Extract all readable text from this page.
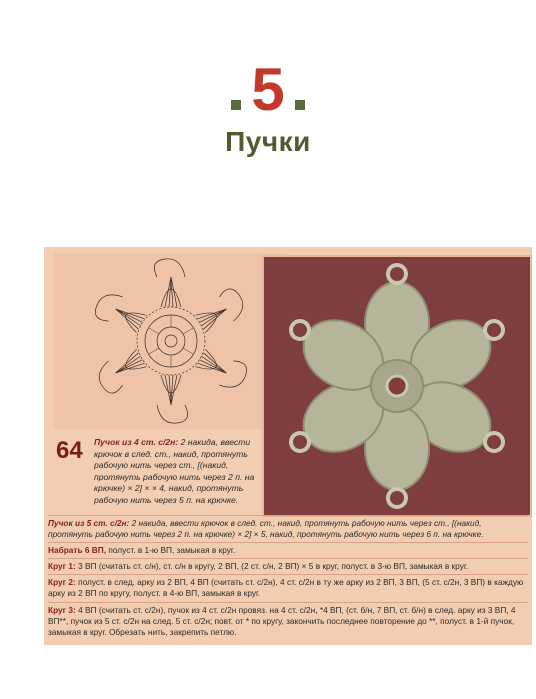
5
Пучки
64 Пучок из 4 ст. с/2н: 2 накида, ввести крючок в след. ст., накид, протянуть рабочую нить через ст., [(накид, протянуть рабочую нить через 2 п. на крючке) × 2] × × 4, накид, протянуть рабочую нить через 5 п. на крючке.
Пучок из 5 ст. с/2н: 2 накида, ввести крючок в след. ст., накид, протянуть рабочую нить через ст., [(накид, протянуть рабочую нить через 2 п. на крючке) × 2] × 5, накид, протянуть рабочую нить через 6 п. на крючке.
Набрать 6 ВП, полуст. в 1-ю ВП, замыкая в круг.
Круг 1: 3 ВП (считать ст. с/н), ст. с/н в кругу, 2 ВП, (2 ст. с/н, 2 ВП) × 5 в круг, полуст. в 3-ю ВП, замыкая в круг.
Круг 2: полуст. в след. арку из 2 ВП, 4 ВП (считать ст. с/2н), 4 ст. с/2н в ту же арку из 2 ВП, 3 ВП, (5 ст. с/2н, 3 ВП) в каждую арку из 2 ВП по кругу, полуст. в 4-ю ВП, замыкая в круг.
Круг 3: 4 ВП (считать ст. с/2н), пучок из 4 ст. с/2н провяз. на 4 ст. с/2н, *4 ВП, (ст. б/н, 7 ВП, ст. б/н) в след. арку из 3 ВП, 4 ВП**, пучок из 5 ст. с/2н на след. 5 ст. с/2н; повт. от * по кругу, закончить последнее повторение до **, полуст. в 1-й пучок, замыкая в круг. Обрезать нить, закрепить петлю.
